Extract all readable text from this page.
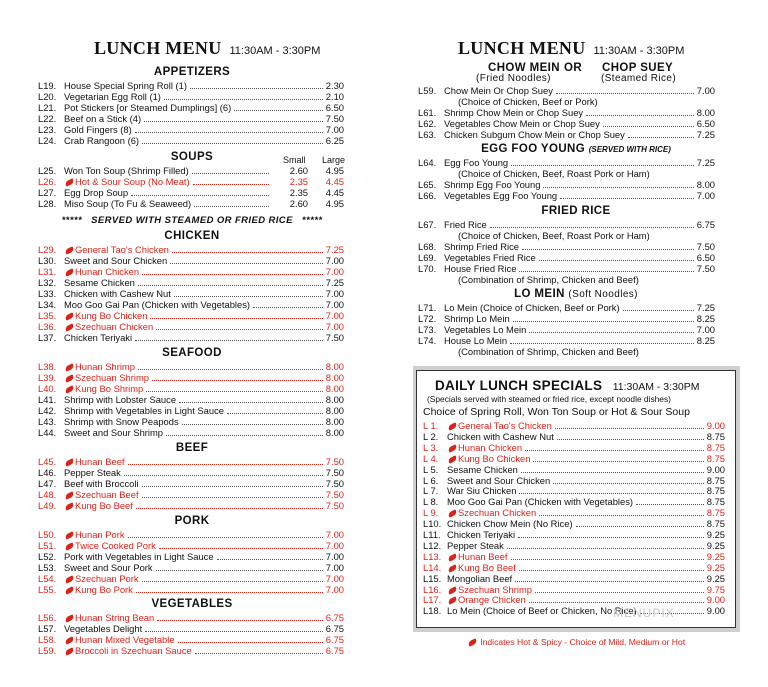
LUNCH MENU 11:30AM - 3:30PM
APPETIZERS
L19. House Special Spring Roll (1)	2.30
L20. Vegetarian Egg Roll (1)	2.10
L21. Pot Stickers [or Steamed Dumplings] (6)	6.50
L22. Beef on a Stick (4)	7.50
L23. Gold Fingers (8)	7.00
L24. Crab Rangoon (6)	6.25
SOUPS	Small Large
L25. Won Ton Soup (Shrimp Filled)	2.60	4.95
L26.	Hot & Sour Soup (No Meat)	2.35	4.45
L27. Egg Drop Soup	2.35	4.45
L28. Miso Soup (To Fu & Seaweed)	2.60	4.95
*****   SERVED WITH STEAMED OR FRIED RICE   *****
CHICKEN
L29.	General Tao's Chicken	7.25
L30. Sweet and Sour Chicken	7.00
L31.	Hunan Chicken	7.00
L32. Sesame Chicken	7.25
L33. Chicken with Cashew Nut	7.00
L34. Moo Goo Gai Pan (Chicken with Vegetables)	7.00
L35.	Kung Bo Chicken	7.00
L36.	Szechuan Chicken	7.00
L37. Chicken Teriyaki	7.50
SEAFOOD
L38.	Hunan Shrimp	8.00
L39.	Szechuan Shrimp	8.00
L40.	Kung Bo Shrimp	8.00
L41. Shrimp with Lobster Sauce	8.00
L42. Shrimp with Vegetables in Light Sauce	8.00
L43. Shrimp with Snow Peapods	8.00
L44. Sweet and Sour Shrimp	8.00
BEEF
L45.	Hunan Beef	7.50
L46. Pepper Steak	7.50
L47. Beef with Broccoli	7.50
L48.	Szechuan Beef	7.50
L49.	Kung Bo Beef	7.50
PORK
L50.	Hunan Pork	7.00
L51.	Twice Cooked Pork	7.00
L52. Pork with Vegetables in Light Sauce	7.00
L53. Sweet and Sour Pork	7.00
L54.	Szechuan Pork	7.00
L55.	Kung Bo Pork	7.00
VEGETABLES
L56.	Hunan String Bean	6.75
L57. Vegetables Delight	6.75
L58.	Hunan Mixed Vegetable	6.75
L59.	Broccoli in Szechuan Sauce	6.75
LUNCH MENU 11:30AM - 3:30PM
CHOW MEIN OR CHOP SUEY
(Fried Noodles)	(Steamed Rice)
L59. Chow Mein Or Chop Suey	7.00
(Choice of Chicken, Beef or Pork)
L61. Shrimp Chow Mein or Chop Suey	8.00
L62. Vegetables Chow Mein or Chop Suey	6.50
L63. Chicken Subgum Chow Mein or Chop Suey	7.25
EGG FOO YOUNG (SERVED WITH RICE)
L64. Egg Foo Young	7.25
(Choice of Chicken, Beef, Roast Pork or Ham)
L65. Shrimp Egg Foo Young	8.00
L66. Vegetables Egg Foo Young	7.00
FRIED RICE
L67. Fried Rice	6.75
(Choice of Chicken, Beef, Roast Pork or Ham)
L68. Shrimp Fried Rice	7.50
L69. Vegetables Fried Rice	6.50
L70. House Fried Rice	7.50
(Combination of Shrimp, Chicken and Beef)
LO MEIN (Soft Noodles)
L71. Lo Mein (Choice of Chicken, Beef or Pork)	7.25
L72. Shrimp Lo Mein	8.25
L73. Vegetables Lo Mein	7.00
L74. House Lo Mein	8.25
(Combination of Shrimp, Chicken and Beef)
DAILY LUNCH SPECIALS 11:30AM - 3:30PM
(Specials served with steamed or fried rice, except noodle dishes)
Choice of Spring Roll, Won Ton Soup or Hot & Sour Soup
L 1.	General Tao's Chicken	9.00
L 2. Chicken with Cashew Nut	8.75
L 3.	Hunan Chicken	8.75
L 4.	Kung Bo Chicken	8.75
L 5. Sesame Chicken	9.00
L 6. Sweet and Sour Chicken	8.75
L 7. War Siu Chicken	8.75
L 8. Moo Goo Gai Pan (Chicken with Vegetables)	8.75
L 9.	Szechuan Chicken	8.75
L10. Chicken Chow Mein (No Rice)	8.75
L11. Chicken Teriyaki	9.25
L12. Pepper Steak	9.25
L13.	Hunan Beef	9.25
L14.	Kung Bo Beef	9.25
L15. Mongolian Beef	9.25
L16.	Szechuan Shrimp	9.75
L17.	Orange Chicken	9.00
L18. Lo Mein (Choice of Beef or Chicken, No Rice)	9.00
MENUPIX
Indicates Hot & Spicy - Choice of Mild, Medium or Hot
